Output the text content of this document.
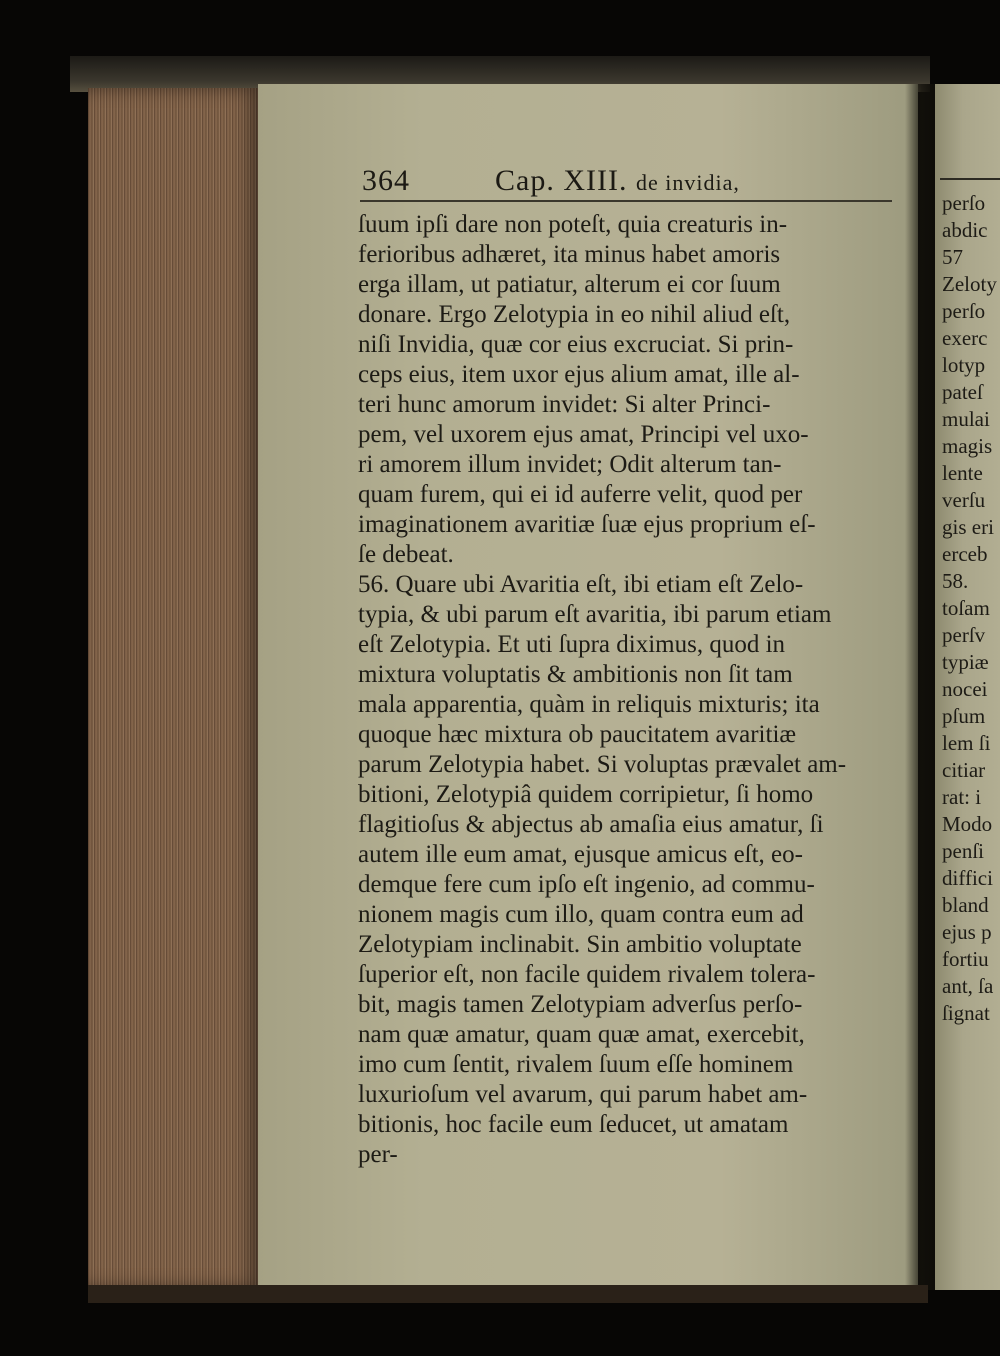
364	Cap. XIII. de invidia,
ſuum ipſi dare non poteſt, quia creaturis in-
ferioribus adhæret, ita minus habet amoris
erga illam, ut patiatur, alterum ei cor ſuum
donare. Ergo Zelotypia in eo nihil aliud eſt,
niſi Invidia, quæ cor eius excruciat. Si prin-
ceps eius, item uxor ejus alium amat, ille al-
teri hunc amorum invidet: Si alter Princi-
pem, vel uxorem ejus amat, Principi vel uxo-
ri amorem illum invidet; Odit alterum tan-
quam furem, qui ei id auferre velit, quod per
imaginationem avaritiæ ſuæ ejus proprium eſ-
ſe debeat.
56. Quare ubi Avaritia eſt, ibi etiam eſt Zelo-
typia, & ubi parum eſt avaritia, ibi parum etiam
eſt Zelotypia. Et uti ſupra diximus, quod in
mixtura voluptatis & ambitionis non ſit tam
mala apparentia, quàm in reliquis mixturis; ita
quoque hæc mixtura ob paucitatem avaritiæ
parum Zelotypia habet. Si voluptas prævalet am-
bitioni, Zelotypiâ quidem corripietur, ſi homo
flagitioſus & abjectus ab amaſia eius amatur, ſi
autem ille eum amat, ejusque amicus eſt, eo-
demque fere cum ipſo eſt ingenio, ad commu-
nionem magis cum illo, quam contra eum ad
Zelotypiam inclinabit. Sin ambitio voluptate
ſuperior eſt, non facile quidem rivalem tolera-
bit, magis tamen Zelotypiam adverſus perſo-
nam quæ amatur, quam quæ amat, exercebit,
imo cum ſentit, rivalem ſuum eſſe hominem
luxurioſum vel avarum, qui parum habet am-
bitionis, hoc facile eum ſeducet, ut amatam
per-
perſo
abdic
57
Zeloty
perſo
exerc
lotyp
pateſ
mulai
magis
lente
verſu
gis eri
erceb
58.
toſam
perſv
typiæ
nocei
pſum
lem ſi
citiar
rat: i
Modo
penſi
diffici
bland
ejus p
fortiu
ant, ſa
ſignat
